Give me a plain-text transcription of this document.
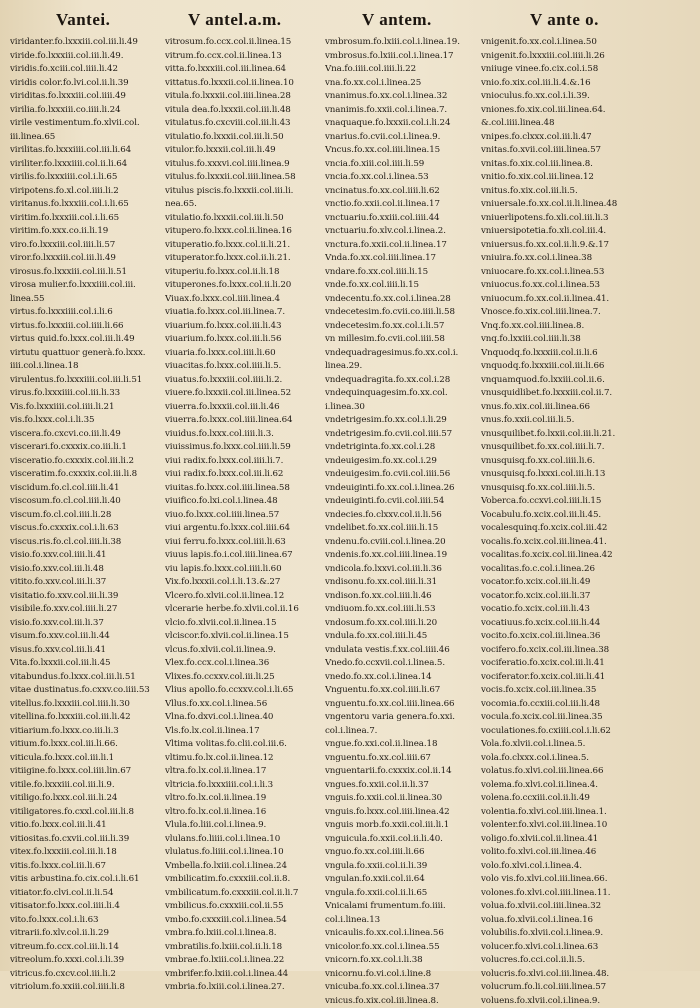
Vantei.	V antel.a.m.	V antem.	V ante o.
viridanter.fo.lxxxiii.col.iii.li.49
viride.fo.lxxxiii.col.iii.li.49.
viridis.fo.xciii.col.iiii.li.42
viridis color.fo.lvi.col.ii.li.39
viriditas.fo.lxxxiii.col.iiii.49
virilia.fo.lxxxiii.co.iiii.li.24
virile vestimentum.fo.xlvii.col.
iii.linea.65
virilitas.fo.lxxxiiii.col.iii.li.64
viriliter.fo.lxxxiiii.col.ii.li.64
virilis.fo.lxxxiiii.col.i.li.65
viripotens.fo.xl.col.iiii.li.2
viritanus.fo.lxxxiii.col.i.li.65
viritim.fo.lxxxiii.col.i.li.65
viritim.fo.xxx.co.ii.li.19
viro.fo.lxxxiii.col.iiii.li.57
viror.fo.lxxxiii.col.iii.li.49
virosus.fo.lxxxiii.col.iii.li.51
virosa mulier.fo.lxxxiiii.col.iii.
linea.55
virtus.fo.lxxxiiii.col.i.li.6
virtus.fo.lxxxiii.col.iiii.li.66
virtus quid.fo.lxxx.col.iii.li.49
virtutu quattuor generà.fo.lxxx.
iiii.col.i.linea.18
virulentus.fo.lxxxiiii.col.iii.li.51
virus.fo.lxxxiiii.col.iii.li.33
Vis.fo.lxxxiiii.col.iiii.li.21
vis.fo.lxxx.col.i.li.35
viscera.fo.cxcvi.co.iii.li.49
viscerari.fo.cxxxix.co.iii.li.1
visceratio.fo.cxxxix.col.iii.li.2
visceratim.fo.cxxxix.col.iii.li.8
viscidum.fo.cl.col.iiii.li.41
viscosum.fo.cl.col.iiii.li.40
viscum.fo.cl.col.iiii.li.28
viscus.fo.cxxxix.col.i.li.63
viscus.ris.fo.cl.col.iiii.li.38
visio.fo.xxv.col.iiii.li.41
visio.fo.xxv.col.iii.li.48
vitito.fo.xxv.col.iii.li.37
visitatio.fo.xxv.col.iii.li.39
visibile.fo.xxv.col.iiii.li.27
visio.fo.xxv.col.iii.li.37
visum.fo.xxv.col.iii.li.44
visus.fo.xxv.col.iii.li.41
Vita.fo.lxxxii.col.iii.li.45
vitabundus.fo.lxxx.col.iii.li.51
vitae dustinatus.fo.cxxv.co.iiii.53
vitellus.fo.lxxxiii.col.iiii.li.30
vitellina.fo.lxxxiii.col.iii.li.42
vitiarium.fo.lxxx.co.iii.li.3
vitium.fo.lxxx.col.iii.li.66.
viticula.fo.lxxx.col.iii.li.1
vitiigine.fo.lxxx.col.iiii.lin.67
vitile.fo.lxxxiii.col.iii.li.9.
vitiligo.fo.lxxx.col.iii.li.24
vitiligatores.fo.cxxl.col.iii.li.8
vitio.fo.lxxx.col.iii.li.41
vitiositas.fo.cxvii.col.iii.li.39
vitex.fo.lxxxiii.col.iii.li.18
vitis.fo.lxxx.col.iii.li.67
vitis arbustina.fo.cix.col.i.li.61
vitiator.fo.clvi.col.ii.li.54
vitisator.fo.lxxx.col.iiii.li.4
vito.fo.lxxx.col.i.li.63
vitrarii.fo.xlv.col.ii.li.29
vitreum.fo.ccx.col.iii.li.14
vitreolum.fo.xxxi.col.i.li.39
vitricus.fo.cxcv.col.iii.li.2
vitriolum.fo.xxiii.col.iiii.li.8
vitrosum.fo.ccx.col.ii.linea.15
vitrum.fo.ccx.col.ii.linea.13
vitta.fo.lxxxiii.col.iii.linea.64
vittatus.fo.lxxxii.col.ii.linea.10
vitula.fo.lxxxii.col.iiii.linea.28
vitula dea.fo.lxxxii.col.iii.li.48
vitulatus.fo.cxcviii.col.iii.li.43
vitulatio.fo.lxxxii.col.iii.li.50
vitulor.fo.lxxxii.col.iii.li.49
vitulus.fo.xxxvi.col.iiii.linea.9
vitulus.fo.lxxxii.col.iiii.linea.58
vitulus piscis.fo.lxxxii.col.iii.li.
nea.65.
vitulatio.fo.lxxxii.col.iii.li.50
vitupero.fo.lxxx.col.ii.linea.16
vituperatio.fo.lxxx.col.ii.li.21.
vituperator.fo.lxxx.col.ii.li.21.
vituperiu.fo.lxxx.col.ii.li.18
vituperones.fo.lxxx.col.ii.li.20
Viuax.fo.lxxx.col.iiii.linea.4
viuatia.fo.lxxx.col.iii.linea.7.
viuarium.fo.lxxx.col.iii.li.43
viuarium.fo.lxxx.col.iii.li.56
viuaria.fo.lxxx.col.iiii.li.60
viuacitas.fo.lxxx.col.iiii.li.5.
viuatus.fo.lxxxiii.col.iiii.li.2.
viuere.fo.lxxxii.col.iii.linea.52
viuerra.fo.lxxxii.col.iii.li.46
viuerra.fo.lxxx.col.iiii.linea.64
viuidus.fo.lxxx.col.iiii.li.3.
viuissimus.fo.lxxx.col.iiii.li.59
viui radix.fo.lxxx.col.iiii.li.7.
viui radix.fo.lxxx.col.iii.li.62
viuitas.fo.lxxx.col.iiii.linea.58
viuifico.fo.lxi.col.i.linea.48
viuo.fo.lxxx.col.iiii.linea.57
viui argentu.fo.lxxx.col.iiii.64
viui ferru.fo.lxxx.col.iiii.li.63
viuus lapis.fo.i.col.iiii.linea.67
viu lapis.fo.lxxx.col.iiii.li.60
Vix.fo.lxxxii.col.i.li.13.&.27
Vlcero.fo.xlvii.col.ii.linea.12
vlcerarie herbe.fo.xlvii.col.ii.16
vlcio.fo.xlvii.col.ii.linea.15
vlciscor.fo.xlvii.col.ii.linea.15
vlcus.fo.xlvii.col.ii.linea.9.
Vlex.fo.ccx.col.i.linea.36
Vlixes.fo.ccxxv.col.iii.li.25
Vlius apollo.fo.ccxxv.col.i.li.65
Vllus.fo.xx.col.i.linea.56
Vlna.fo.dxvi.col.i.linea.40
Vls.fo.lx.col.ii.linea.17
Vltima volitas.fo.clii.col.iii.6.
vltimu.fo.lx.col.ii.linea.12
vltra.fo.lx.col.ii.linea.17
vltricia.fo.lxxxiiii.col.i.li.3
vltro.fo.lx.col.ii.linea.19
vltro.fo.lx.col.ii.linea.16
Vlula.fo.liii.col.i.linea.9.
vlulans.fo.liiii.col.i.linea.10
vlulatus.fo.liiii.col.i.linea.10
Vmbella.fo.lxiii.col.i.linea.24
vmbilicatim.fo.cxxxiii.col.ii.8.
vmbilicatum.fo.cxxxiii.col.ii.li.7
vmbilicus.fo.cxxxiii.col.ii.55
vmbo.fo.cxxxiii.col.i.linea.54
vmbra.fo.lxiii.col.i.linea.8.
vmbratilis.fo.lxiii.col.ii.li.18
vmbrae.fo.lxiii.col.i.linea.22
vmbrifer.fo.lxiii.col.i.linea.44
vmbria.fo.lxiii.col.i.linea.27.
vmbrosum.fo.lxiii.col.i.linea.19.
vmbrosus.fo.lxiii.col.i.linea.17
Vna.fo.iiii.col.iiii.li.22
vna.fo.xx.col.i.linea.25
vnanimus.fo.xx.col.i.linea.32
vnanimis.fo.xxii.col.i.linea.7.
vnaquaque.fo.lxxxii.col.i.li.24
vnarius.fo.cvii.col.i.linea.9.
Vncus.fo.xx.col.iiii.linea.15
vncia.fo.xiii.col.iiii.li.59
vncia.fo.xx.col.i.linea.53
vncinatus.fo.xx.col.iiii.li.62
vnctio.fo.xxii.col.ii.linea.17
vnctuariu.fo.xxiii.col.iiii.44
vnctuariu.fo.xlv.col.i.linea.2.
vnctura.fo.xxii.col.ii.linea.17
Vnda.fo.xx.col.iiii.linea.17
vndare.fo.xx.col.iiii.li.15
vnde.fo.xx.col.iiii.li.15
vndecentu.fo.xx.col.i.linea.28
vndecetesim.fo.cvii.co.iiii.li.58
vndecetesim.fo.xx.col.i.li.57
vn millesim.fo.cvii.col.iiii.58
vndequadragesimus.fo.xx.col.i.
linea.29.
vndequadragita.fo.xx.col.i.28
vndequinquagesim.fo.xx.col.
i.linea.30
vndetrigesim.fo.xx.col.i.li.29
vndetrigesim.fo.cvii.col.iiii.57
vndetriginta.fo.xx.col.i.28
vndeuigesim.fo.xx.col.i.29
vndeuigesim.fo.cvii.col.iiii.56
vndeuiginti.fo.xx.col.i.linea.26
vndeuiginti.fo.cvii.col.iiii.54
vndecies.fo.clxxv.col.ii.li.56
vndelibet.fo.xx.col.iiii.li.15
vndenu.fo.cviii.col.i.linea.20
vndenis.fo.xx.col.iiii.linea.19
vndicola.fo.lxxvi.col.iii.li.36
vndisonu.fo.xx.col.iiii.li.31
vndison.fo.xx.col.iiii.li.46
vndiuom.fo.xx.col.iiii.li.53
vndosum.fo.xx.col.iiii.li.20
vndula.fo.xx.col.iiii.li.45
vndulata vestis.f.xx.col.iiii.46
Vnedo.fo.ccxvii.col.i.linea.5.
vnedo.fo.xx.col.i.linea.14
Vnguentu.fo.xx.col.iiii.li.67
vnguentu.fo.xx.col.iiii.linea.66
vngentoru varia genera.fo.xxi.
col.i.linea.7.
vngue.fo.xxi.col.ii.linea.18
vnguentu.fo.xx.col.iiii.67
vnguentarii.fo.cxxxix.col.ii.14
vngues.fo.xxii.col.ii.li.37
vnguis.fo.xxii.col.ii.linea.30
vnguis.fo.lxxx.col.iiii.linea.42
vnguis morb.fo.xxii.col.iii.li.1
vnguicula.fo.xxii.col.ii.li.40.
vnguo.fo.xx.col.iiii.li.66
vngula.fo.xxii.col.ii.li.39
vngulan.fo.xxii.col.ii.64
vngula.fo.xxii.col.ii.li.65
Vnicalami frumentum.fo.iiii.
col.i.linea.13
vnicaulis.fo.xx.col.i.linea.56
vnicolor.fo.xx.col.i.linea.55
vnicorn.fo.xx.col.i.li.38
vnicornu.fo.vi.col.i.line.8
vnicuba.fo.xx.col.i.linea.37
vnicus.fo.xix.col.iii.linea.8.
vnigenit.fo.xx.col.i.linea.50
vnigenit.fo.lxxxiii.col.iiii.li.26
vniiuge vinee.fo.cix.col.i.58
vnio.fo.xix.col.iii.li.4.&.16
vnioculus.fo.xx.col.i.li.39.
vniones.fo.xix.col.iii.linea.64.
&.col.iiii.linea.48
vnipes.fo.clxxx.col.iii.li.47
vnitas.fo.xvii.col.iiii.linea.57
vnitas.fo.xix.col.iii.linea.8.
vnitio.fo.xix.col.iii.linea.12
vnitus.fo.xix.col.iii.li.5.
vniuersale.fo.xx.col.ii.li.linea.48
vniuerlipotens.fo.xli.col.iii.li.3
vniuersipotetia.fo.xli.col.iii.4.
vniuersus.fo.xx.col.ii.li.9.&.17
vniuira.fo.xx.col.i.linea.38
vniuocare.fo.xx.col.i.linea.53
vniuocus.fo.xx.col.i.linea.53
vniuocum.fo.xx.col.ii.linea.41.
Vnosce.fo.xix.col.iiii.linea.7.
Vnq.fo.xx.col.iiii.linea.8.
vnq.fo.lxxiii.col.iiii.li.38
Vnquodq.fo.lxxxiii.col.ii.li.6
vnquodq.fo.lxxxiii.col.iii.li.66
vnquamquod.fo.lxxiii.col.ii.6.
vnusquidlibet.fo.lxxxiii.col.ii.7.
vnus.fo.xix.col.iii.linea.66
vnus.fo.xxii.col.iii.li.5.
vnusquilibet.fo.lxxii.col.iii.li.21.
vnusquilibet.fo.xx.col.iiii.li.7.
vnusquisq.fo.xx.col.iiii.li.6.
vnusquisq.fo.lxxxi.col.iii.li.13
vnusquisq.fo.xx.col.iiii.li.5.
Voberca.fo.ccxvi.col.iiii.li.15
Vocabulu.fo.xcix.col.iii.li.45.
vocalesquinq.fo.xcix.col.iii.42
vocalis.fo.xcix.col.iii.linea.41.
vocalitas.fo.xcix.col.iii.linea.42
vocalitas.fo.c.col.i.linea.26
vocator.fo.xcix.col.iii.li.49
vocator.fo.xcix.col.iii.li.37
vocatio.fo.xcix.col.iii.li.43
vocatiuus.fo.xcix.col.iii.li.44
vocito.fo.xcix.col.iii.linea.36
vocifero.fo.xcix.col.iii.linea.38
vociferatio.fo.xcix.col.iii.li.41
vociferator.fo.xcix.col.iii.li.41
vocis.fo.xcix.col.iii.linea.35
vocomia.fo.ccxiii.col.iii.li.48
vocula.fo.xcix.col.iii.linea.35
voculationes.fo.cxiiii.col.i.li.62
Vola.fo.xlvii.col.i.linea.5.
vola.fo.clxxx.col.i.linea.5.
volatus.fo.xlvi.col.iii.linea.66
volema.fo.xlvi.col.ii.linea.4.
volena.fo.ccxiii.col.ii.li.49
volentia.fo.xlvi.col.iiii.linea.1.
volenter.fo.xlvi.col.iii.linea.10
voligo.fo.xlvii.col.ii.linea.41
volito.fo.xlvi.col.iii.linea.46
volo.fo.xlvi.col.i.linea.4.
volo vis.fo.xlvi.col.iii.linea.66.
volones.fo.xlvi.col.iiii.linea.11.
volua.fo.xlvii.col.iiii.linea.32
volua.fo.xlvii.col.i.linea.16
volubilis.fo.xlvii.col.i.linea.9.
volucer.fo.xlvi.col.i.linea.63
volucres.fo.cci.col.ii.li.5.
volucris.fo.xlvi.col.iii.linea.48.
volucrum.fo.li.col.iiii.linea.57
voluens.fo.xlvii.col.i.linea.9.
